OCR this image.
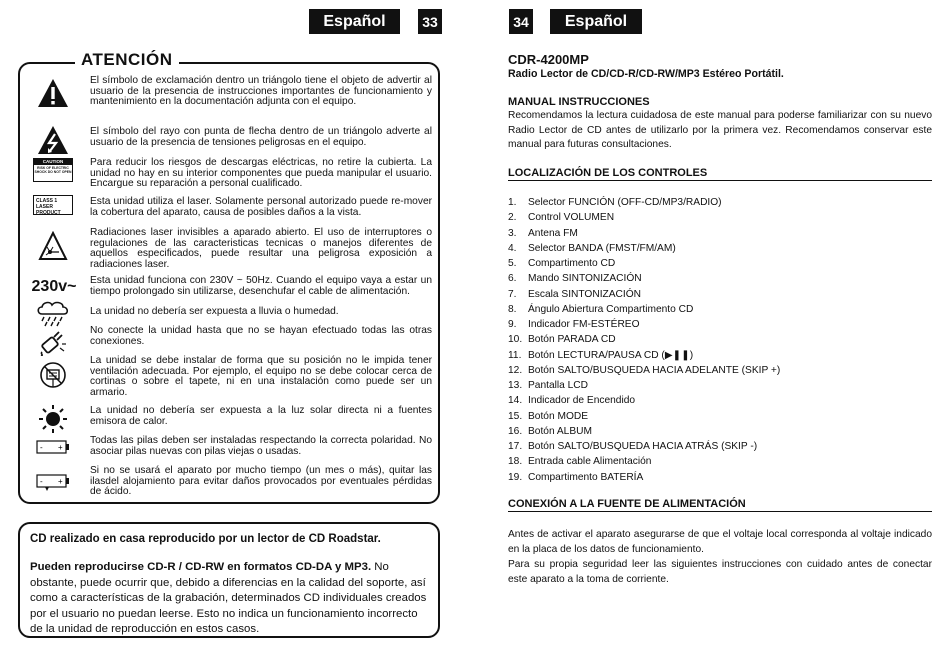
Español	33	34	Español
El símbolo de exclamación dentro un triángolo tiene el objeto de advertir al usuario de la presencia de instrucciones importantes de funcionamiento y mantenimiento en la documentación adjunta con el equipo.
El símbolo del rayo con punta de flecha dentro de un triángolo adverte al usuario de la presencia de tensiones peligrosas en el equipo.
CAUTION
RISK OF ELECTRIC SHOCK DO NOT OPEN
Para reducir los riesgos de descargas eléctricas, no retire la cubierta. La unidad no hay en su interior componentes que pueda manipular el usuario. Encargue su reparación a personal cualificado.
CLASS 1 LASER PRODUCT
Esta unidad utiliza el laser. Solamente personal autorizado puede re-mover la cobertura del aparato, causa de posibles daños a la vista.
Radiaciones laser invisibles a aparado abierto. El uso de interruptores o regulaciones de las caracteristicas tecnicas o manejos diferentes de aquellos especificados, puede resultar una peligrosa exposición a radiaciones laser.
230v~ Esta unidad funciona con 230V ~ 50Hz. Cuando el equipo vaya a estar un tiempo prolongado sin utilizarse, desenchufar el cable de alimentación.
La unidad no debería ser expuesta a lluvia o humedad.
No conecte la unidad hasta que no se hayan efectuado todas las otras conexiones.
La unidad se debe instalar de forma que su posición no le impida tener ventilación adecuada. Por ejemplo, el equipo no se debe colocar cerca de cortinas o sobre el tapete, ni en una instalación como puede ser un armario.
La unidad no debería ser expuesta a la luz solar directa ni a fuentes emisora de calor.
- +
Todas las pilas deben ser instaladas respectando la correcta polaridad. No asociar pilas nuevas con pilas viejas o usadas.
- +
Si no se usará el aparato por mucho tiempo (un mes o más), quitar las ilasdel alojamiento para evitar daños provocados por eventuales pérdidas de ácido.
ATENCIÓN

CD realizado en casa reproducido por un lector de CD Roadstar.

Pueden reproducirse CD-R / CD-RW en formatos CD-DA y MP3. No obstante, puede ocurrir que, debido a diferencias en la calidad del soporte, así como a características de la grabación, determinados CD individuales creados por el usuario no puedan leerse. Esto no indica un funcionamiento incorrecto de la unidad de reproducción en estos casos.

CDR-4200MP
Radio Lector de CD/CD-R/CD-RW/MP3 Estéreo Portátil.
MANUAL INSTRUCCIONES

Recomendamos la lectura cuidadosa de este manual para poderse familiarizar con su nuevo Radio Lector de CD antes de utilizarlo por la primera vez. Recomendamos conservar este manual para futuras consultaciones.

LOCALIZACIÓN DE LOS CONTROLES
1.	Selector FUNCIÓN (OFF-CD/MP3/RADIO)
2.	Control VOLUMEN
3.	Antena FM
4.	Selector BANDA (FMST/FM/AM)
5.	Compartimento CD
6.	Mando SINTONIZACIÓN
7.	Escala SINTONIZACIÓN
8.	Ángulo Abiertura Compartimento CD
9.	Indicador FM-ESTÉREO
10. Botón PARADA CD
11. Botón LECTURA/PAUSA CD (▶❚❚)
12. Botón SALTO/BUSQUEDA HACIA ADELANTE (SKIP +)
13. Pantalla LCD
14. Indicador de Encendido
15. Botón MODE
16. Botón ALBUM
17. Botón SALTO/BUSQUEDA HACIA ATRÁS (SKIP -)
18. Entrada cable Alimentación
19. Compartimento BATERÍA
CONEXIÓN A LA FUENTE DE ALIMENTACIÓN

Antes de activar el aparato asegurarse de que el voltaje local corresponda al voltaje indicado en la placa de los datos de funcionamiento.

Para su propia seguridad leer las siguientes instrucciones con cuidado antes de conectar este aparato a la toma de corriente.
